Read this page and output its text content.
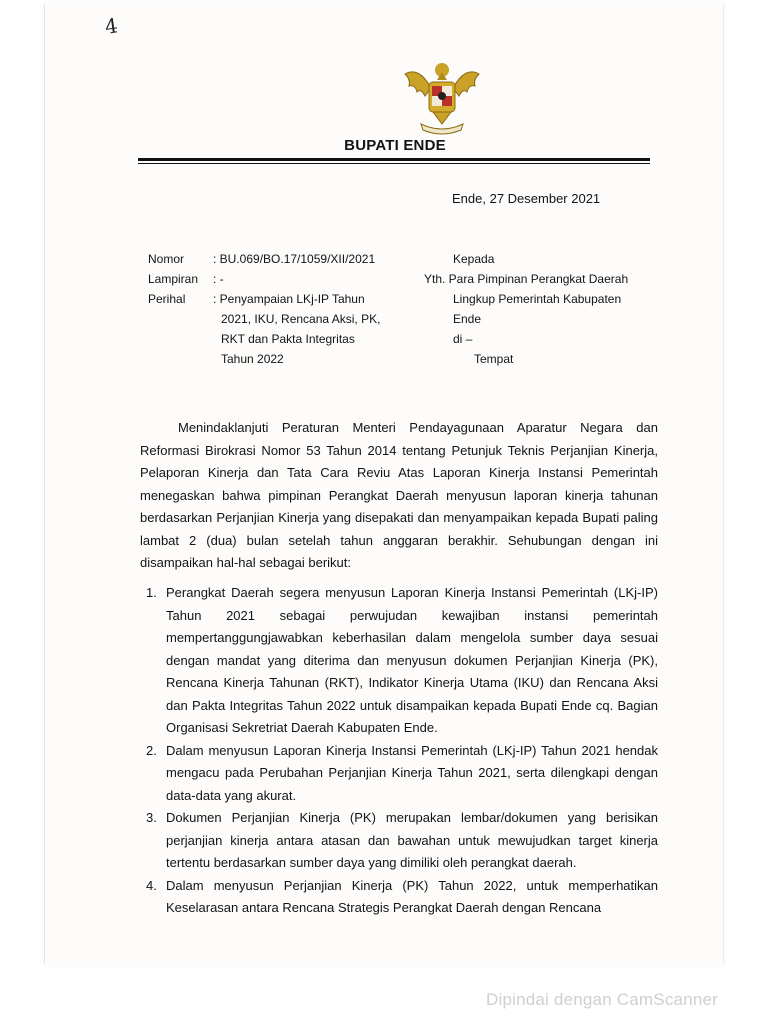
4
BUPATI ENDE
Ende, 27 Desember 2021
Nomor
Lampiran
Perihal
: BU.069/BO.17/1059/XII/2021
: -
: Penyampaian LKj-IP Tahun
2021, IKU, Rencana Aksi, PK,
RKT dan Pakta Integritas
Tahun 2022
Kepada
Yth. Para Pimpinan Perangkat Daerah
Lingkup Pemerintah Kabupaten
Ende
di –
Tempat

Menindaklanjuti Peraturan Menteri Pendayagunaan Aparatur Negara dan Reformasi Birokrasi Nomor 53 Tahun 2014 tentang Petunjuk Teknis Perjanjian Kinerja, Pelaporan Kinerja dan Tata Cara Reviu Atas Laporan Kinerja Instansi Pemerintah menegaskan bahwa pimpinan Perangkat Daerah menyusun laporan kinerja tahunan berdasarkan Perjanjian Kinerja yang disepakati dan menyampaikan kepada Bupati paling lambat 2 (dua) bulan setelah tahun anggaran berakhir. Sehubungan dengan ini disampaikan hal-hal sebagai berikut:

1. Perangkat Daerah segera menyusun Laporan Kinerja Instansi Pemerintah (LKj-IP) Tahun 2021 sebagai perwujudan kewajiban instansi pemerintah mempertanggungjawabkan keberhasilan dalam mengelola sumber daya sesuai dengan mandat yang diterima dan menyusun dokumen Perjanjian Kinerja (PK), Rencana Kinerja Tahunan (RKT), Indikator Kinerja Utama (IKU) dan Rencana Aksi dan Pakta Integritas Tahun 2022 untuk disampaikan kepada Bupati Ende cq. Bagian Organisasi Sekretriat Daerah Kabupaten Ende.
2. Dalam menyusun Laporan Kinerja Instansi Pemerintah (LKj-IP) Tahun 2021 hendak mengacu pada Perubahan Perjanjian Kinerja Tahun 2021, serta dilengkapi dengan data-data yang akurat.
3. Dokumen Perjanjian Kinerja (PK) merupakan lembar/dokumen yang berisikan perjanjian kinerja antara atasan dan bawahan untuk mewujudkan target kinerja tertentu berdasarkan sumber daya yang dimiliki oleh perangkat daerah.
4. Dalam menyusun Perjanjian Kinerja (PK) Tahun 2022, untuk memperhatikan Keselarasan antara Rencana Strategis Perangkat Daerah dengan Rencana
Dipindai dengan CamScanner
